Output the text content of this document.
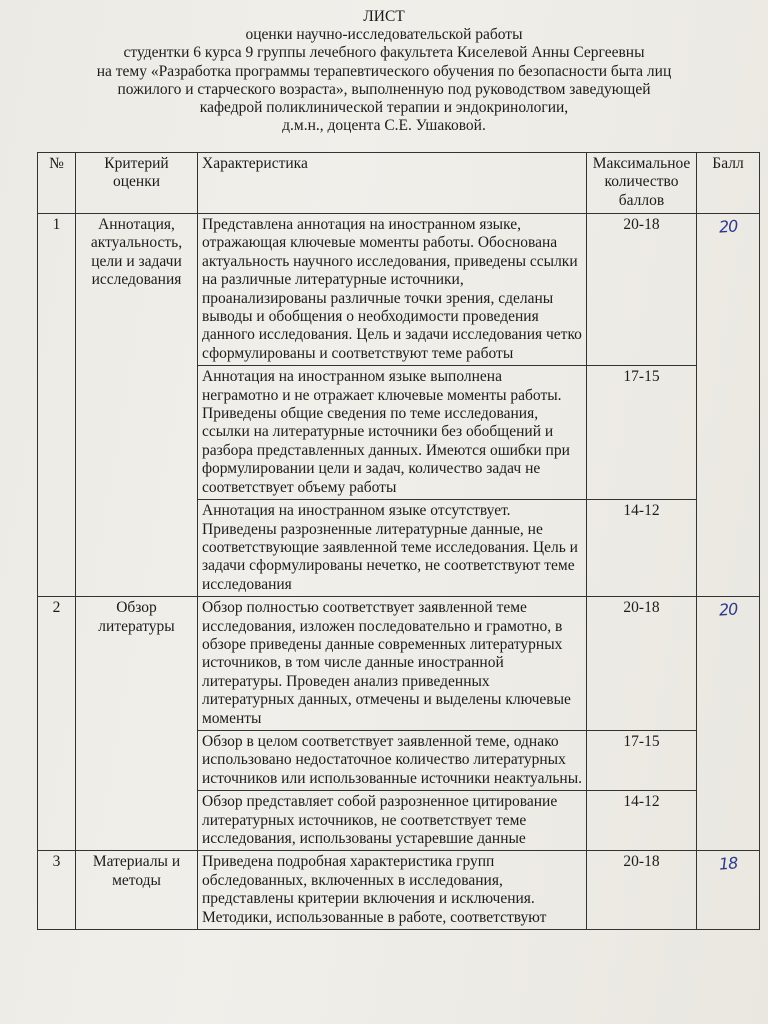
ЛИСТ
оценки научно-исследовательской работы
студентки 6 курса 9 группы лечебного факультета Киселевой Анны Сергеевны
на тему «Разработка программы терапевтического обучения по безопасности быта лиц
пожилого и старческого возраста», выполненную под руководством заведующей
кафедрой поликлинической терапии и эндокринологии,
д.м.н., доцента С.Е. Ушаковой.
№	Критерий оценки	Характеристика	Максимальное количество баллов	Балл
1	Аннотация, актуальность, цели и задачи исследования	Представлена аннотация на иностранном языке, отражающая ключевые моменты работы. Обоснована актуальность научного исследования, приведены ссылки на различные литературные источники, проанализированы различные точки зрения, сделаны выводы и обобщения о необходимости проведения данного исследования. Цель и задачи исследования четко сформулированы и соответствуют теме работы	20-18	20
		Аннотация на иностранном языке выполнена неграмотно и не отражает ключевые моменты работы. Приведены общие сведения по теме исследования, ссылки на литературные источники без обобщений и разбора представленных данных. Имеются ошибки при формулировании цели и задач, количество задач не соответствует объему работы	17-15	
		Аннотация на иностранном языке отсутствует. Приведены разрозненные литературные данные, не соответствующие заявленной теме исследования. Цель и задачи сформулированы нечетко, не соответствуют теме исследования	14-12	
2	Обзор литературы	Обзор полностью соответствует заявленной теме исследования, изложен последовательно и грамотно, в обзоре приведены данные современных литературных источников, в том числе данные иностранной литературы. Проведен анализ приведенных литературных данных, отмечены и выделены ключевые моменты	20-18	20
		Обзор в целом соответствует заявленной теме, однако использовано недостаточное количество литературных источников или использованные источники неактуальны.	17-15	
		Обзор представляет собой разрозненное цитирование литературных источников, не соответствует теме исследования, использованы устаревшие данные	14-12	
3	Материалы и методы	Приведена подробная характеристика групп обследованных, включенных в исследования, представлены критерии включения и исключения. Методики, использованные в работе, соответствуют	20-18	18
